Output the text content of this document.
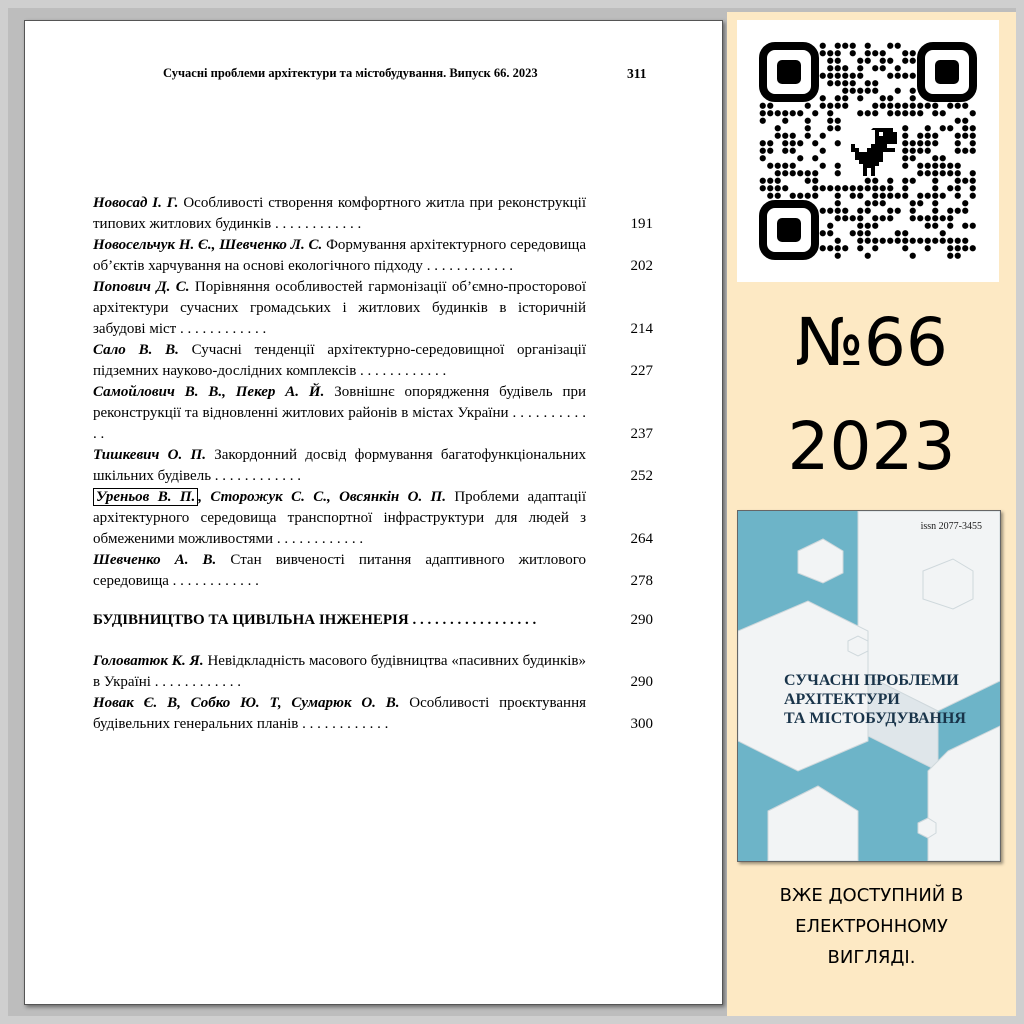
Сучасні проблеми архітектури та містобудування. Випуск 66. 2023	311
Новосад І. Г. Особливості створення комфортного житла при реконструкції типових житлових будинків . . . . . . . . . . . .	191
Новосельчук Н. Є., Шевченко Л. С. Формування архітектурного середовища об’єктів харчування на основі екологічного підходу . . . . . . . . . . . .	202
Попович Д. С. Порівняння особливостей гармонізації об’ємно-просторової архітектури сучасних громадських і житлових будинків в історичній забудові міст . . . . . . . . . . . .	214
Сало В. В. Сучасні тенденції архітектурно-середовищної організації підземних науково-дослідних комплексів . . . . . . . . . . . .	227
Самойлович В. В., Пекер А. Й. Зовнішнє опорядження будівель при реконструкції та відновленні житлових районів в містах України . . . . . . . . . . . .	237
Тишкевич О. П. Закордонний досвід формування багатофункціональних шкільних будівель . . . . . . . . . . . .	252
Уреньов В. П. , Сторожук С. С., Овсянкін О. П. Проблеми адаптації архітектурного середовища транспортної інфраструктури для людей з обмеженими можливостями . . . . . . . . . . . .	264
Шевченко А. В. Стан вивченості питання адаптивного житлового середовища . . . . . . . . . . . .	278
БУДІВНИЦТВО ТА ЦИВІЛЬНА ІНЖЕНЕРІЯ . . . . . . . . . . . . . . . . .	290
Головатюк К. Я. Невідкладність масового будівництва «пасивних будинків» в Україні . . . . . . . . . . . .	290
Новак Є. В, Собко Ю. Т, Сумарюк О. В. Особливості проєктування будівельних генеральних планів . . . . . . . . . . . .	300
№66
2023
issn 2077-3455
СУЧАСНІ ПРОБЛЕМИ
АРХІТЕКТУРИ
ТА МІСТОБУДУВАННЯ
ВЖЕ ДОСТУПНИЙ В
ЕЛЕКТРОННОМУ
ВИГЛЯДІ.
